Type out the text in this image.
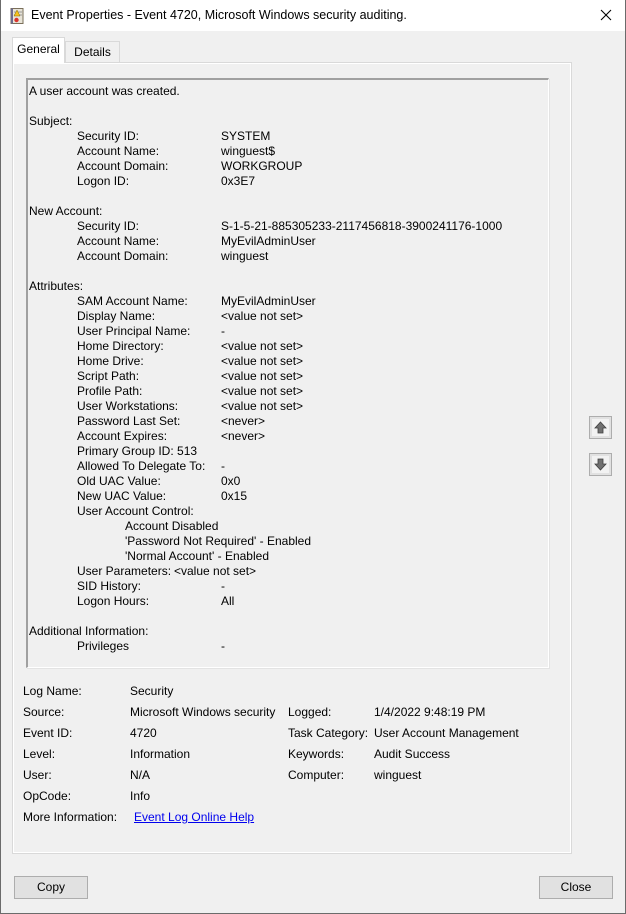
Event Properties - Event 4720, Microsoft Windows security auditing.
General	Details
A user account was created.
Subject:
Security ID:	SYSTEM
Account Name:	winguest$
Account Domain:	WORKGROUP
Logon ID:	0x3E7
New Account:
Security ID:	S-1-5-21-885305233-2117456818-3900241176-1000
Account Name:	MyEvilAdminUser
Account Domain:	winguest
Attributes:
SAM Account Name:	MyEvilAdminUser
Display Name:	<value not set>
User Principal Name:	-
Home Directory:	<value not set>
Home Drive:	<value not set>
Script Path:	<value not set>
Profile Path:	<value not set>
User Workstations:	<value not set>
Password Last Set:	<never>
Account Expires:	<never>
Primary Group ID: 513
Allowed To Delegate To: -
Old UAC Value:	0x0
New UAC Value:	0x15
User Account Control:
Account Disabled
'Password Not Required' - Enabled
'Normal Account' - Enabled
User Parameters: <value not set>
SID History:	-
Logon Hours:	All
Additional Information:
Privileges	-
Log Name:	Security
Source:	Microsoft Windows security Logged:	1/4/2022 9:48:19 PM
Event ID:	4720	Task Category: User Account Management
Level:	Information	Keywords: Audit Success
User:	N/A	Computer: winguest
OpCode:	Info
More Information: Event Log Online Help
Copy	Close
